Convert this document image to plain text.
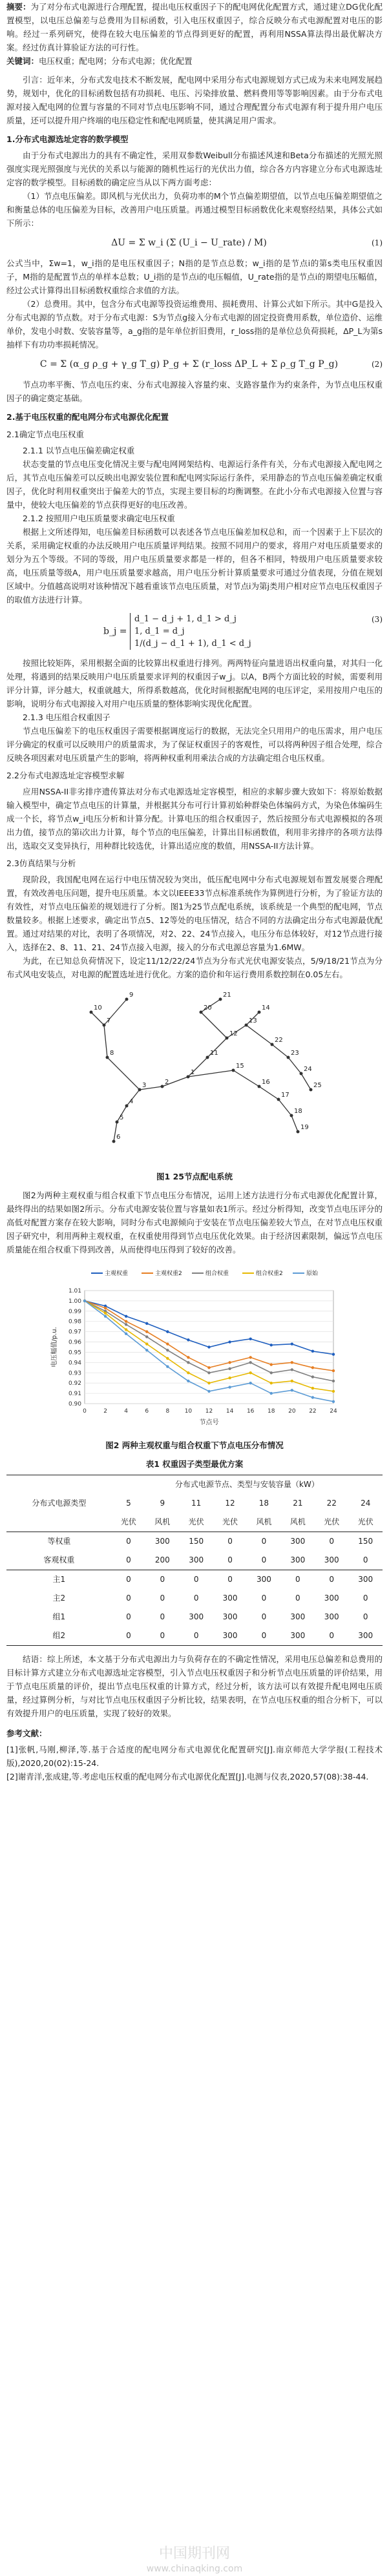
摘要：为了对分布式电源进行合理配置，提出电压权重因子下的配电网优化配置方式，通过建立DG优化配置模型，以电压总偏差与总费用为目标函数，引入电压权重因子，综合反映分布式电源配置对电压的影响。经过一系列研究，使得在较大电压偏差的节点得到更好的配置，再利用NSSA算法得出最优解决方案。经过仿真计算验证方法的可行性。

关键词：电压权重；配电网；分布式电源；优化配置

引言：近年来，分布式发电技术不断发展，配电网中采用分布式电源规划方式已成为未来电网发展趋势，规划中，优化的目标函数包括有功损耗、电压、污染排放量、燃料费用等等影响因素。由于分布式电源对接入配电网的位置与容量的不同对节点电压影响不同，通过合理配置分布式电源有利于提升用户电压质量，还可以提升用户终端的电压稳定性和配电网质量，使其满足用户需求。

1.分布式电源选址定容的数学模型

由于分布式电源出力的具有不确定性，采用双参数Weibull分布描述风速和Beta分布描述的光照光照强度实现光照强度与光伏的关系以与能源的随机性运行的光伏出力值，综合各方内容建立分布式电源选址定容的数学模型。目标函数的确定应当从以下两方面考虑：

（1）节点电压偏差。即风机与光伏出力，负荷功率的M个节点偏差期望值，以节点电压偏差期望值之和衡量总体的电压偏差为目标，改善用户电压质量。再通过模型目标函数优化来观察经结果，具体公式如下所示：

ΔU = Σ w_i (Σ (U_i − U_rate) / M)	(1)

公式当中，Σw=1，w_i指的是电压权重因子；N指的是节点总数；w_i指的是节点i的第s类电压权重因子，M指的是配置节点的单样本总数；U_i指的是节点i的电压幅值，U_rate指的是节点i的期望电压幅值，经过公式计算得出目标函数权重综合求值的方法。

（2）总费用。其中，包含分布式电源等投资运维费用、损耗费用、计算公式如下所示。其中G是投入分布式电源的节点数。对于分布式电源：S为节点g接入分布式电源的固定投资费用系数，单位造价、运维单价，发电小时数、安装容量等，a_g指的是年单位折旧费用，r_loss指的是单位总负荷损耗，ΔP_L为第s抽样下有功功率损耗情况。

C = Σ (α_g ρ_g + γ_g T_g) P_g + Σ (r_loss ΔP_L + Σ ρ_g T_g P_g)	(2)

节点功率平衡、节点电压约束、分布式电源接入容量约束、支路容量作为约束条件，为节点电压权重因子的确定奠定基础。

2.基于电压权重的配电网分布式电源优化配置

2.1确定节点电压权重

2.1.1 以节点电压偏差确定权重

状态变量的节点电压变化情况主要与配电网网架结构、电源运行条件有关，分布式电源接入配电网之后，其节点电压偏差可以反映出电源安装位置和配电网实际运行条件，采用静态的节点电压偏差确定权重因子，优化时利用权重突出于偏差大的节点，实现主要目标的均衡调整。在此小分布式电源接入位置与容量中，使较大电压偏差的节点获得更好的电压改善。

2.1.2 按照用户电压质量要求确定电压权重

根据上文所述得知，电压偏差目标函数可以表述各节点电压偏差加权总和，而一个因素于上下层次的关系，采用确定权重的办法反映用户电压质量评判结果。按照不同用户的要求，将用户对电压质量要求的划分为五个等级。不同的等级，用户电压质量要求都是一样的，但各不相同，特级用户电压质量要求较高，电压质量等级A，用户电压质量要求越高，用户电压分析计算质量要求可通过分值表现，分值在规划区域中。分值越高说明对该种情况下越看重该节点电压质量，对节点i为第j类用户相对应节点电压权重因子的取值方法进行计算。

b_j = d_1 − d_j + 1, d_1 > d_j
1, d_1 = d_j
1/(d_j − d_1 + 1), d_1 < d_j
(3)

按照比较矩阵，采用根据全面的比较算出权重进行排列。两两特征向量进语出权重向量，对其归一化处理，将遇到的结果反映用户电压质量要求评判的权重因子w_j。以A，B两个方面比较的时候，需要利用评分计算，评分越大，权重就越大，所得系数越高，优化时间根据配电网的电压评定，采用按用户电压的影响，说明分布式电源接入对用户电压质量的整体影响实现优化配置。

2.1.3 电压组合权重因子

节点电压偏差下的电压权重因子需要根据调度运行的数据，无法完全只用用户的电压需求，用户电压评分确定的权重可以反映用户的质量需求，为了保证权重因子的客观性，可以将两种因子组合处理，综合反映各项因素对电压质量产生的影响，将两种权重利用乘法合成的方法确定组合电压权重。

2.2分布式电源选址定容模型求解

应用NSSA-II非劣排序遗传算法对分布式电源选址定容模型，相应的求解步骤大致如下：将原始数据输入模型中，确定节点电压的计算量，并根据其分布可行计算初始种群染色体编码方式，为染色体编码生成一个长，将节点w_i电压分析和计算分配。计算电压的组合权重因子，然后按照分布式电源模拟的各项出力值，接节点的第i次出力计算，每个节点的电压偏差，计算出目标函数值，利用非劣排序的各项方法得出，选取交叉变异执行，用种群比较选优，计算出适应度的数值，用NSSA-II方法计算。

2.3仿真结果与分析

现阶段，我国配电网在运行中电压情况较为突出，低压配电网中分布式电源规划布置发展要合理配置，有效改善电压问题，提升电压质量。本文以IEEE33节点标准系统作为算例进行分析，为了验证方法的有效性，对节点电压偏差的规划进行了分析。图1为25节点配电系统，该系统是一个典型的配电网，节点数量较多。根据上述要求，确定出节点5、12等处的电压情况，结合不同的方法确定出分布式电源最优配置。通过对结果的对比，表明了各项情况，对2、22、24节点接入，电压分布总体较好，对12节点进行接入，选择在2、8、11、21、24节点接入电源，接入的分布式电源总容量为1.6MW。

为此，在已知总负荷情况下，设定11/12/22/24节点为分布式光伏电源安装点，5/9/18/21节点为分布式风电安装点，对电源的配置选址进行优化。方案的造价和年运行费用系数控制在0.05左右。

1
2
3
4
5
6
7
8
9
10
11
12
13
14
15
16
17
18
19
20
21
22
23
24
25

图1 25节点配电系统

图2为两种主观权重与组合权重下节点电压分布情况，运用上述方法进行分布式电源优化配置计算，最终得出的结果如图2所示。分布式电源安装位置与容量如表1所示。经过分析得知，改变节点电压评分的高低对配置方案存在较大影响，同时分布式电源倾向于安装在节点电压偏差较大节点，在对节点电压权重因子研究中，利用两种主观权重，在权重使用得到节点电压优化效果。由于经济因素限制，偏远节点电压质量能在组合权重下得到改善，从而使得电压得到了较好的改善。

0.90
0.91
0.92
0.93
0.94
0.95
0.96
0.97
0.98
0.99
1.00
1.01
0	2	4	6	8	10 12 14 16 18 20 22 24
节点号
电压幅值/p.u.
主观权重	主观权重2	组合权重	组合权重2	原始

图2 两种主观权重与组合权重下节点电压分布情况

表1 权重因子类型最优方案

分布式电源类型	分布式电源节点、类型与安装容量（kW）							
	5	9	11	12	18	21	22	24
	光伏	风机	光伏	光伏	风机	风机	光伏	光伏
等权重	0	300	150	0	0	300	0	150
客观权重	0	200	300	0	0	300	300	0
主1	0	0	0	0	300	0	0	300
主2	0	0	0	300	0	0	300	0
组1	0	0	300	300	0	300	300	0
组2	0	0	0	300	0	300	0	300

结语：综上所述，本文基于分布式电源出力与负荷存在的不确定性情况，采用电压总偏差和总费用的目标计算方式建立分布式电源选址定容模型，引入节点电压权重因子和分析节点电压质量的评价结果，用于节点电压质量的评价，提出节点电压权重的计算方式，经过分析，该方法可以有效提升配电网电压质量，经过算例分析，与对比节点电压权重因子分析比较，结果表明，在节点电压权重的组合分析下，可以有效提升用户的电压质量，实现了较好的效果。

参考文献：

[1]张帆,马刚,柳泽,等.基于合适度的配电网分布式电源优化配置研究[J].南京师范大学学报(工程技术版),2020,20(02):15-24.

[2]谢青洋,张成建,等.考虑电压权重的配电网分布式电源优化配置[J].电测与仪表,2020,57(08):38-44.

中国期刊网
www.chinaqking.com
